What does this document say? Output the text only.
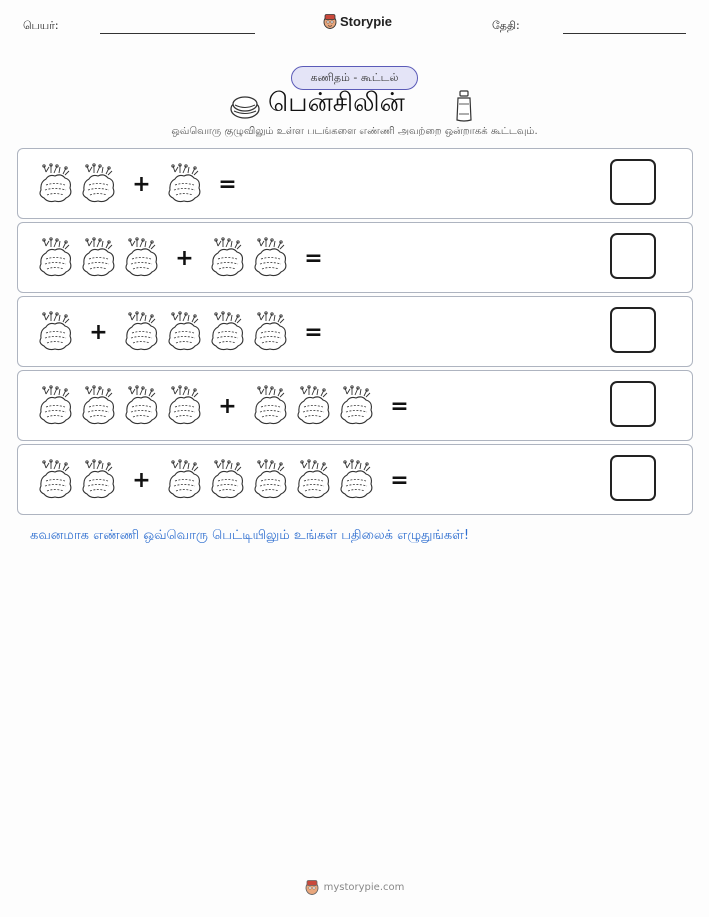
பெயர்:	Storypie	தேதி:
கணிதம் - கூட்டல்
பென்சிலின்
ஒவ்வொரு குழுவிலும் உள்ள படங்களை எண்ணி அவற்றை ஒன்றாகக் கூட்டவும்.
+	=
+	=
+	=
+	=
+	=
கவனமாக எண்ணி ஒவ்வொரு பெட்டியிலும் உங்கள் பதிலைக் எழுதுங்கள்!
mystorypie.com
